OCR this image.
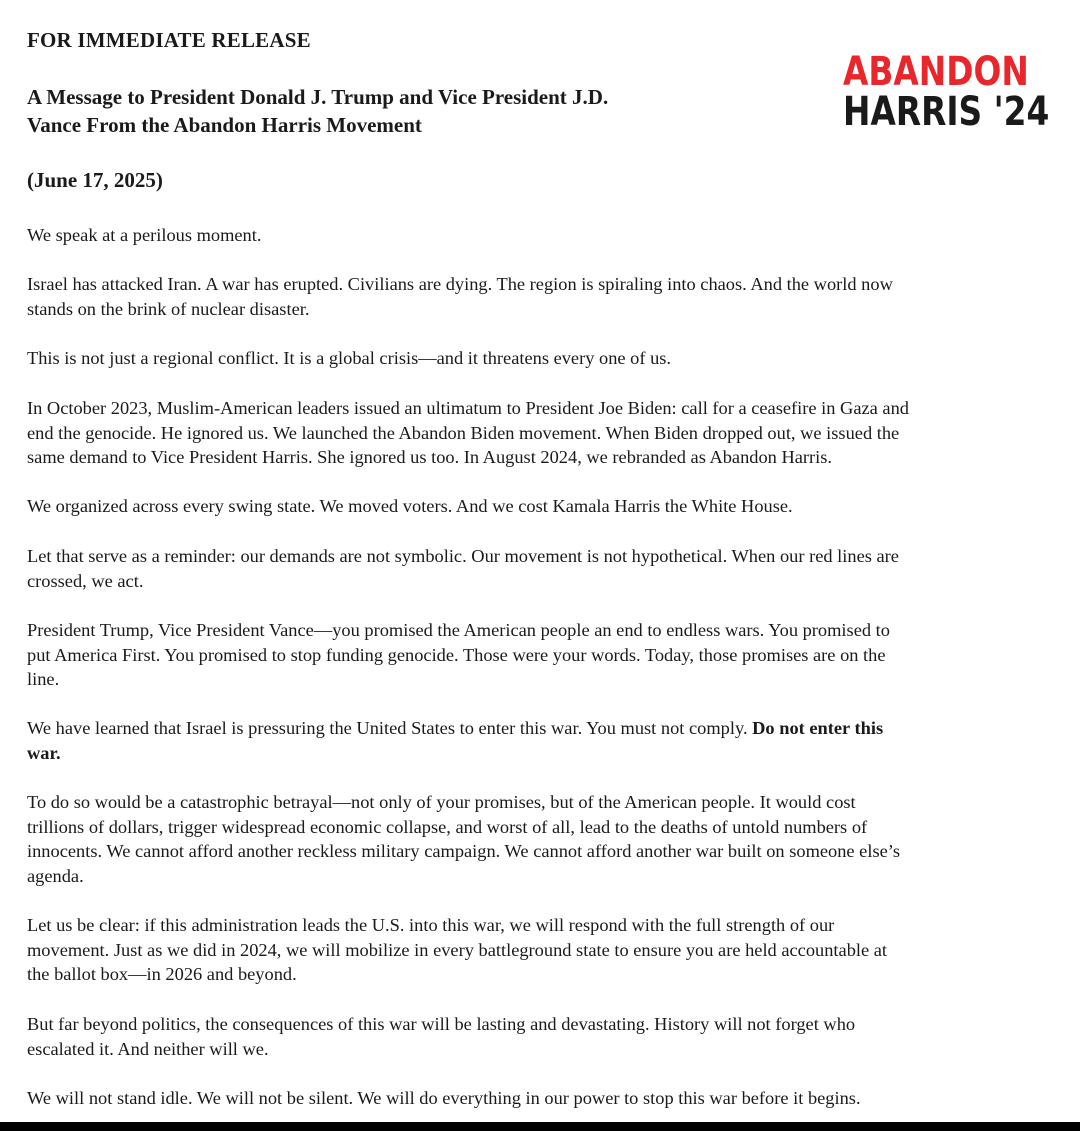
FOR IMMEDIATE RELEASE
A Message to President Donald J. Trump and Vice President J.D.
Vance From the Abandon Harris Movement
ABANDON
HARRIS '24
(June 17, 2025)
We speak at a perilous moment.
Israel has attacked Iran. A war has erupted. Civilians are dying. The region is spiraling into chaos. And the world now
stands on the brink of nuclear disaster.
This is not just a regional conflict. It is a global crisis—and it threatens every one of us.
In October 2023, Muslim-American leaders issued an ultimatum to President Joe Biden: call for a ceasefire in Gaza and
end the genocide. He ignored us. We launched the Abandon Biden movement. When Biden dropped out, we issued the
same demand to Vice President Harris. She ignored us too. In August 2024, we rebranded as Abandon Harris.
We organized across every swing state. We moved voters. And we cost Kamala Harris the White House.
Let that serve as a reminder: our demands are not symbolic. Our movement is not hypothetical. When our red lines are
crossed, we act.
President Trump, Vice President Vance—you promised the American people an end to endless wars. You promised to
put America First. You promised to stop funding genocide. Those were your words. Today, those promises are on the
line.
We have learned that Israel is pressuring the United States to enter this war. You must not comply. Do not enter this
war.
To do so would be a catastrophic betrayal—not only of your promises, but of the American people. It would cost
trillions of dollars, trigger widespread economic collapse, and worst of all, lead to the deaths of untold numbers of
innocents. We cannot afford another reckless military campaign. We cannot afford another war built on someone else’s
agenda.
Let us be clear: if this administration leads the U.S. into this war, we will respond with the full strength of our
movement. Just as we did in 2024, we will mobilize in every battleground state to ensure you are held accountable at
the ballot box—in 2026 and beyond.
But far beyond politics, the consequences of this war will be lasting and devastating. History will not forget who
escalated it. And neither will we.
We will not stand idle. We will not be silent. We will do everything in our power to stop this war before it begins.
